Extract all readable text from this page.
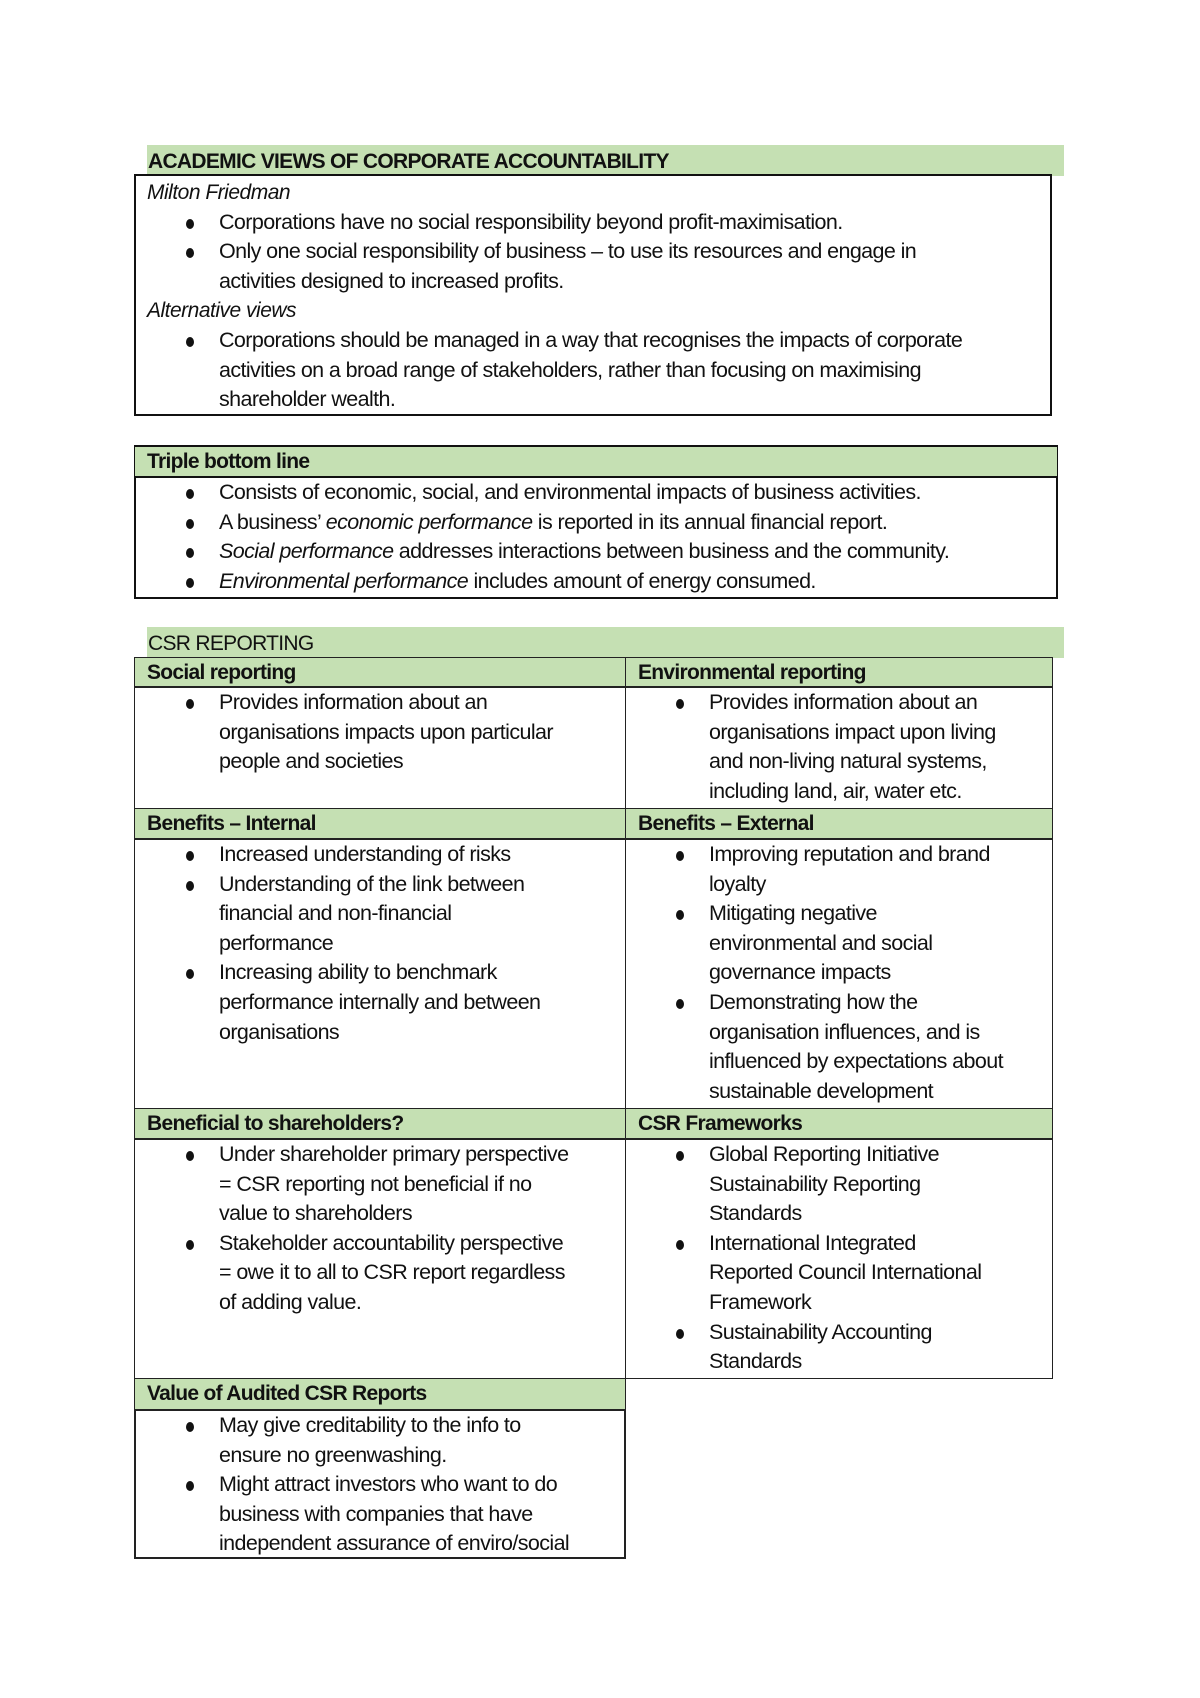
ACADEMIC VIEWS OF CORPORATE ACCOUNTABILITY
Milton Friedman
Corporations have no social responsibility beyond profit-maximisation.
Only one social responsibility of business – to use its resources and engage in
activities designed to increased profits.
Alternative views
Corporations should be managed in a way that recognises the impacts of corporate
activities on a broad range of stakeholders, rather than focusing on maximising
shareholder wealth.
Triple bottom line
Consists of economic, social, and environmental impacts of business activities.
A business’ economic performance is reported in its annual financial report.
Social performance addresses interactions between business and the community.
Environmental performance includes amount of energy consumed.
CSR REPORTING
Social reporting
Provides information about an
organisations impacts upon particular
people and societies
Environmental reporting
Provides information about an
organisations impact upon living
and non-living natural systems,
including land, air, water etc.
Benefits – Internal
Increased understanding of risks
Understanding of the link between
financial and non-financial
performance
Increasing ability to benchmark
performance internally and between
organisations
Benefits – External
Improving reputation and brand
loyalty
Mitigating negative
environmental and social
governance impacts
Demonstrating how the
organisation influences, and is
influenced by expectations about
sustainable development
Beneficial to shareholders?
Under shareholder primary perspective
= CSR reporting not beneficial if no
value to shareholders
Stakeholder accountability perspective
= owe it to all to CSR report regardless
of adding value.
CSR Frameworks
Global Reporting Initiative
Sustainability Reporting
Standards
International Integrated
Reported Council International
Framework
Sustainability Accounting
Standards
Value of Audited CSR Reports
May give creditability to the info to
ensure no greenwashing.
Might attract investors who want to do
business with companies that have
independent assurance of enviro/social
